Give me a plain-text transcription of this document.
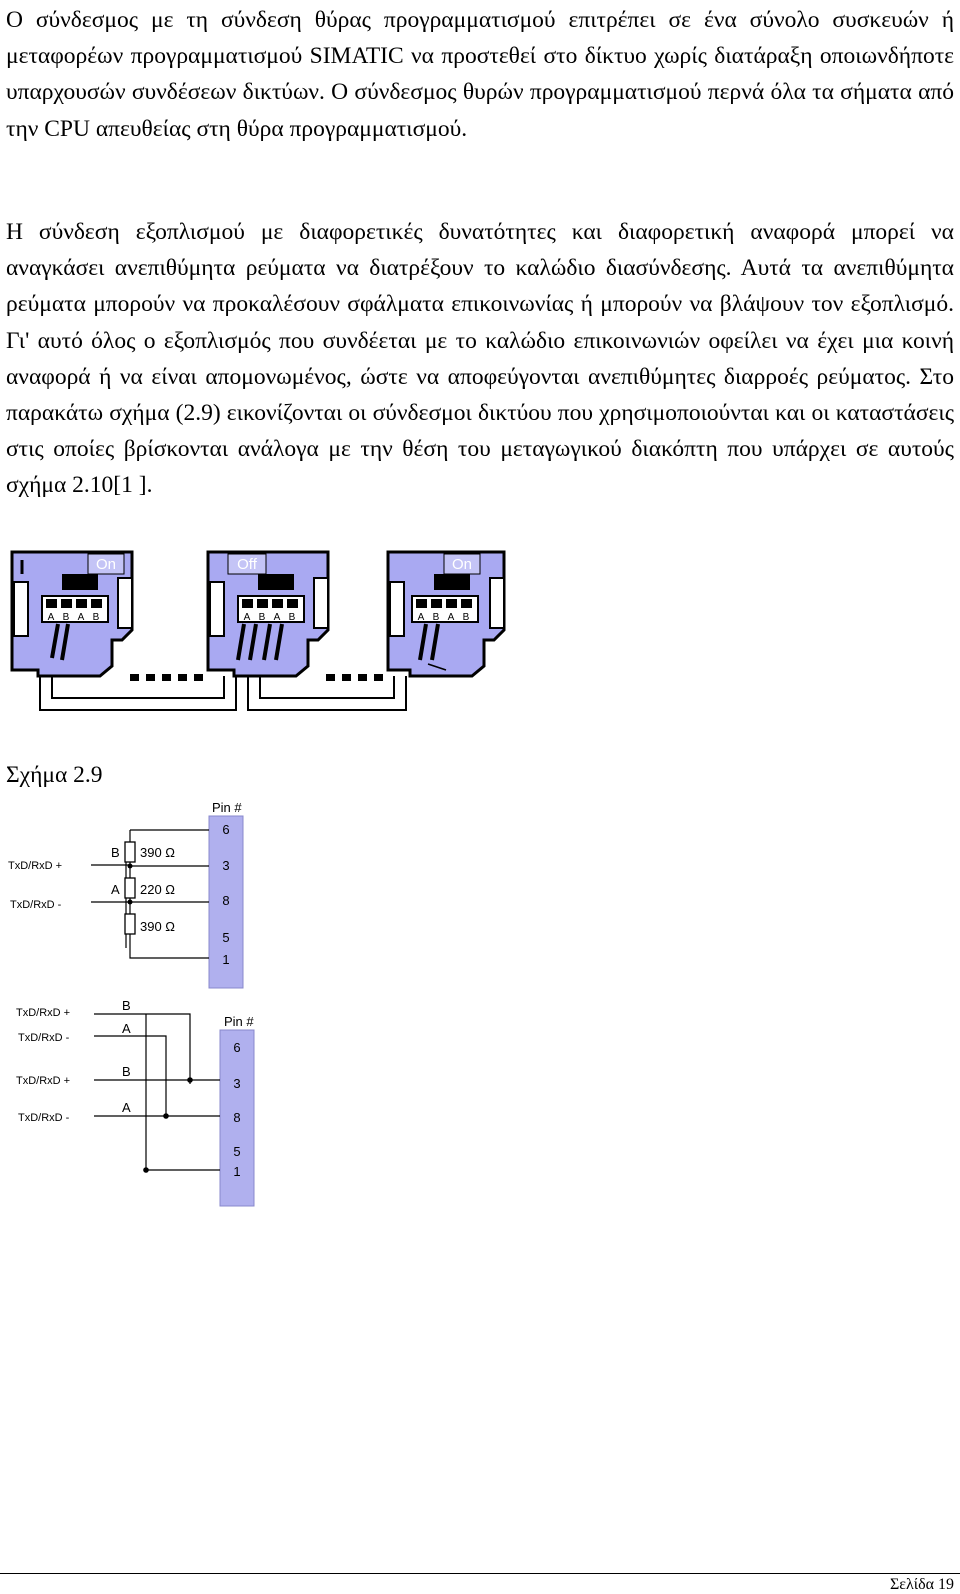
Ο σύνδεσμος με τη σύνδεση θύρας προγραμματισμού επιτρέπει σε ένα σύνολο συσκευών ή μεταφορέων προγραμματισμού SIMATIC να προστεθεί στο δίκτυο χωρίς διατάραξη οποιωνδήποτε υπαρχουσών συνδέσεων δικτύων. Ο σύνδεσμος θυρών προγραμματισμού περνά όλα τα σήματα από την CPU απευθείας στη θύρα προγραμματισμού.

Η σύνδεση εξοπλισμού με διαφορετικές δυνατότητες και διαφορετική αναφορά μπορεί να αναγκάσει ανεπιθύμητα ρεύματα να διατρέξουν το καλώδιο διασύνδεσης. Αυτά τα ανεπιθύμητα ρεύματα μπορούν να προκαλέσουν σφάλματα επικοινωνίας ή μπορούν να βλάψουν τον εξοπλισμό. Γι' αυτό όλος ο εξοπλισμός που συνδέεται με το καλώδιο επικοινωνιών οφείλει να έχει μια κοινή αναφορά ή να είναι απομονωμένος, ώστε να αποφεύγονται ανεπιθύμητες διαρροές ρεύματος. Στο παρακάτω σχήμα (2.9) εικονίζονται οι σύνδεσμοι δικτύου που χρησιμοποιούνται και οι καταστάσεις στις οποίες βρίσκονται ανάλογα με την θέση του μεταγωγικού διακόπτη που υπάρχει σε αυτούς σχήμα 2.10[1 ].

On
A B A B
Off
A B A B
On
A B A B

Σχήμα 2.9

Pin #
6
3
8
5
1
B
A
390 Ω
220 Ω
390 Ω
TxD/RxD +
TxD/RxD -
Pin #
6
3
8
5
1
B
A
B
A
TxD/RxD +
TxD/RxD -
TxD/RxD +
TxD/RxD -

Σελίδα 19
